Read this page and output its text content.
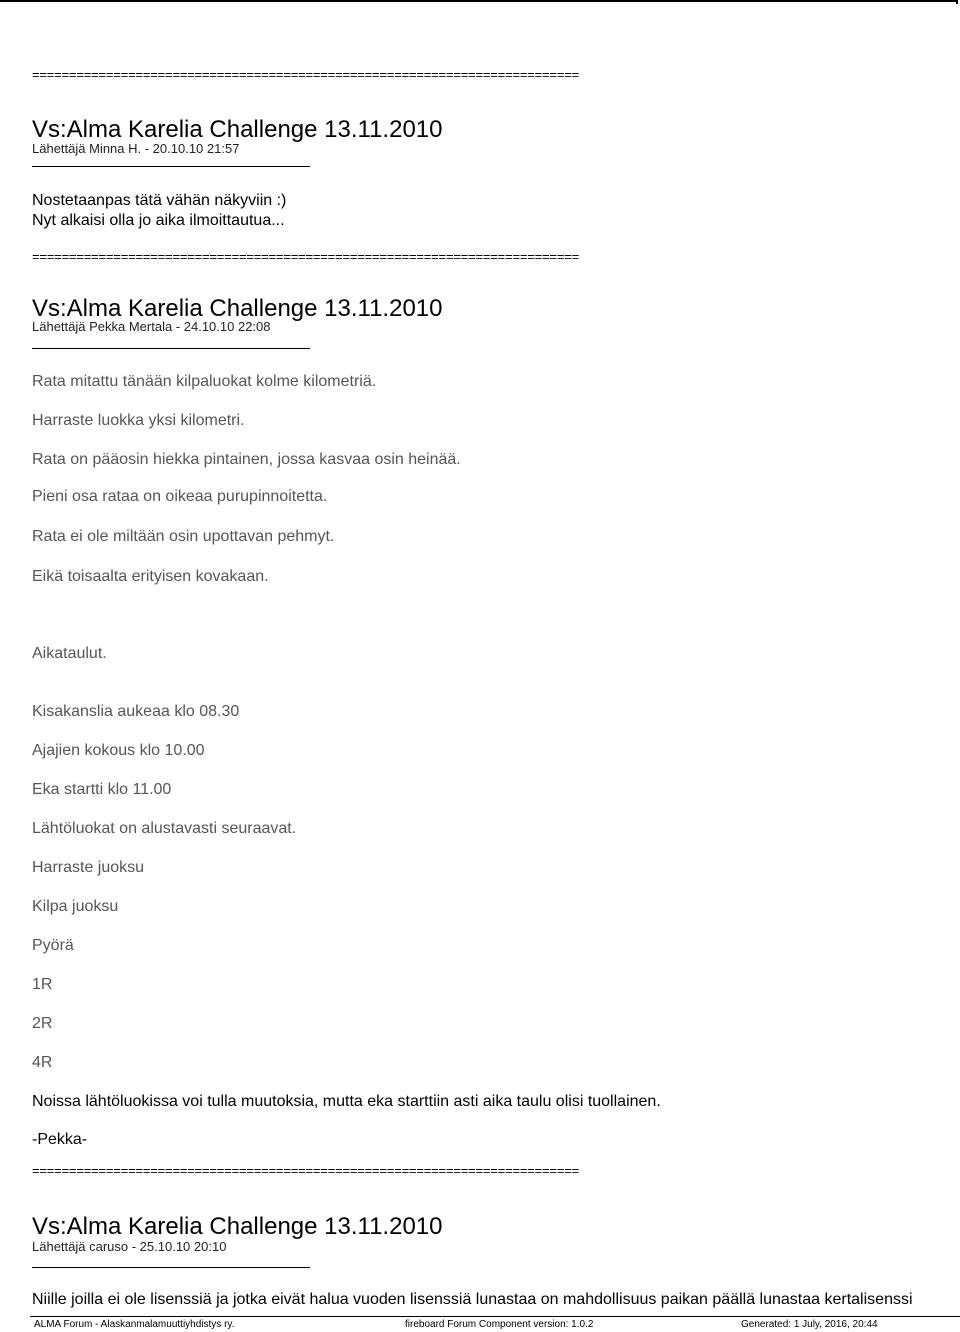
==========================================================================
Vs:Alma Karelia Challenge 13.11.2010
Lähettäjä Minna H. - 20.10.10 21:57
Nostetaanpas tätä vähän näkyviin :)
Nyt alkaisi olla jo aika ilmoittautua...
==========================================================================
Vs:Alma Karelia Challenge 13.11.2010
Lähettäjä Pekka Mertala - 24.10.10 22:08
Rata mitattu tänään kilpaluokat kolme kilometriä.
Harraste luokka yksi kilometri.
Rata on pääosin hiekka pintainen, jossa kasvaa osin heinää.
Pieni osa rataa on oikeaa purupinnoitetta.
Rata ei ole miltään osin upottavan pehmyt.
Eikä toisaalta erityisen kovakaan.
Aikataulut.
Kisakanslia aukeaa klo 08.30
Ajajien kokous klo 10.00
Eka startti klo 11.00
Lähtöluokat on alustavasti seuraavat.
Harraste juoksu
Kilpa juoksu
Pyörä
1R
2R
4R
Noissa lähtöluokissa voi tulla muutoksia, mutta eka starttiin asti aika taulu olisi tuollainen.
-Pekka-
==========================================================================
Vs:Alma Karelia Challenge 13.11.2010
Lähettäjä caruso - 25.10.10 20:10
Niille joilla ei ole lisenssiä ja jotka eivät halua vuoden lisenssiä lunastaa on mahdollisuus paikan päällä lunastaa kertalisenssi
ALMA Forum - Alaskanmalamuuttiyhdistys ry.	fireboard Forum Component version: 1.0.2	Generated: 1 July, 2016, 20:44
